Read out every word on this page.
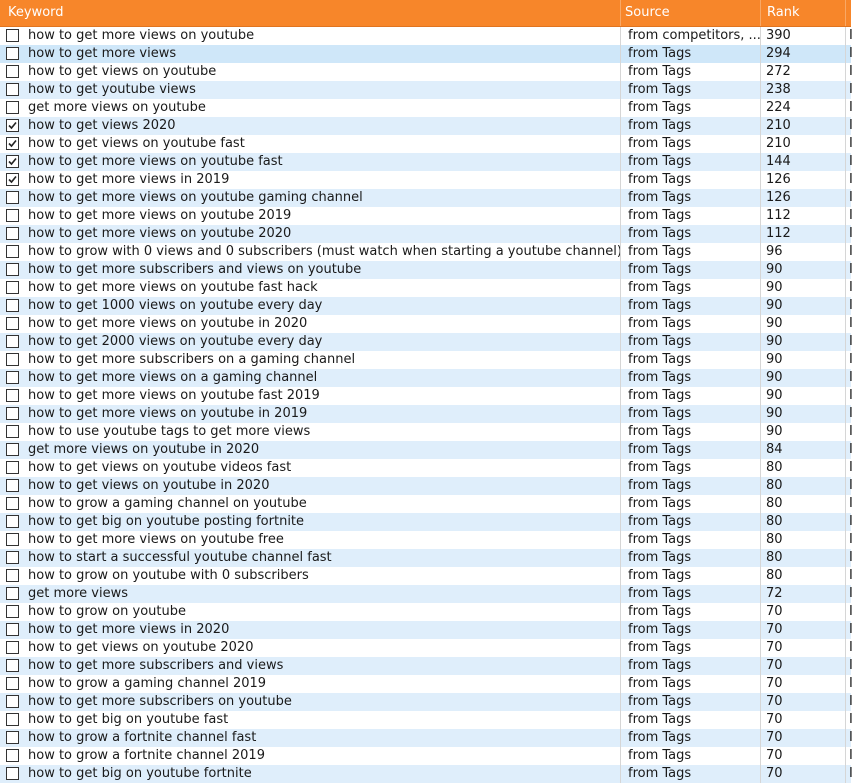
Keyword	Source	Rank
how to get more views on youtube	from competitors, ... 390	I
how to get more views	from Tags	294	I
how to get views on youtube	from Tags	272	I
how to get youtube views	from Tags	238	I
get more views on youtube	from Tags	224	I
how to get views 2020	from Tags	210	I
how to get views on youtube fast	from Tags	210	I
how to get more views on youtube fast	from Tags	144	I
how to get more views in 2019	from Tags	126	I
how to get more views on youtube gaming channel	from Tags	126	I
how to get more views on youtube 2019	from Tags	112	I
how to get more views on youtube 2020	from Tags	112	I
how to grow with 0 views and 0 subscribers (must watch when starting a youtube channel) from Tags	96	I
how to get more subscribers and views on youtube	from Tags	90	I
how to get more views on youtube fast hack	from Tags	90	I
how to get 1000 views on youtube every day	from Tags	90	I
how to get more views on youtube in 2020	from Tags	90	I
how to get 2000 views on youtube every day	from Tags	90	I
how to get more subscribers on a gaming channel	from Tags	90	I
how to get more views on a gaming channel	from Tags	90	I
how to get more views on youtube fast 2019	from Tags	90	I
how to get more views on youtube in 2019	from Tags	90	I
how to use youtube tags to get more views	from Tags	90	I
get more views on youtube in 2020	from Tags	84	I
how to get views on youtube videos fast	from Tags	80	I
how to get views on youtube in 2020	from Tags	80	I
how to grow a gaming channel on youtube	from Tags	80	I
how to get big on youtube posting fortnite	from Tags	80	I
how to get more views on youtube free	from Tags	80	I
how to start a successful youtube channel fast	from Tags	80	I
how to grow on youtube with 0 subscribers	from Tags	80	I
get more views	from Tags	72	I
how to grow on youtube	from Tags	70	I
how to get more views in 2020	from Tags	70	I
how to get views on youtube 2020	from Tags	70	I
how to get more subscribers and views	from Tags	70	I
how to grow a gaming channel 2019	from Tags	70	I
how to get more subscribers on youtube	from Tags	70	I
how to get big on youtube fast	from Tags	70	I
how to grow a fortnite channel fast	from Tags	70	I
how to grow a fortnite channel 2019	from Tags	70	I
how to get big on youtube fortnite	from Tags	70	I
